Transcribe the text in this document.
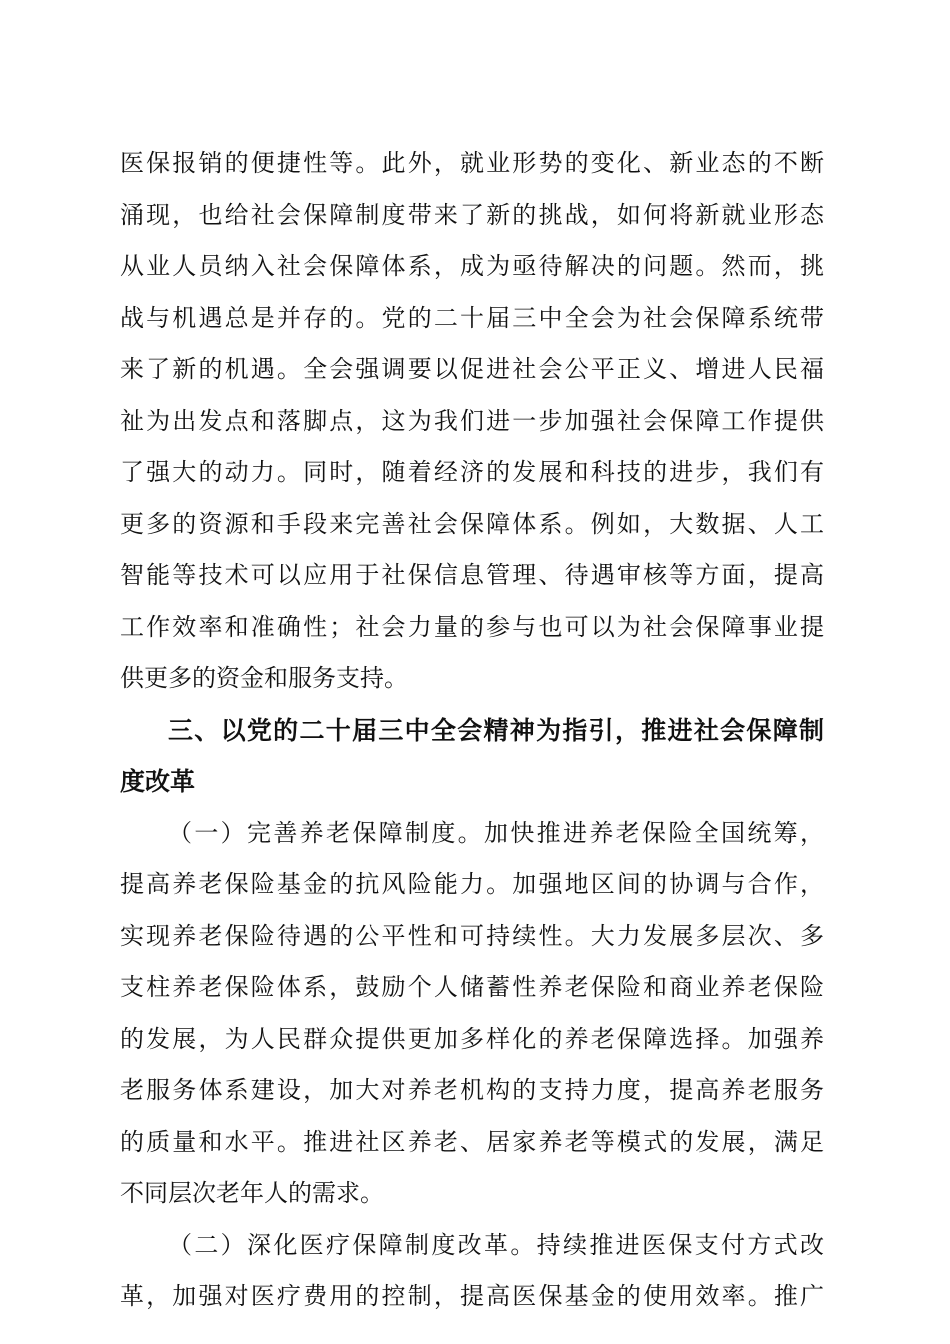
医保报销的便捷性等。此外，就业形势的变化、新业态的不断
涌现，也给社会保障制度带来了新的挑战，如何将新就业形态
从业人员纳入社会保障体系，成为亟待解决的问题。然而，挑
战与机遇总是并存的。党的二十届三中全会为社会保障系统带
来了新的机遇。全会强调要以促进社会公平正义、增进人民福
祉为出发点和落脚点，这为我们进一步加强社会保障工作提供
了强大的动力。同时，随着经济的发展和科技的进步，我们有
更多的资源和手段来完善社会保障体系。例如，大数据、人工
智能等技术可以应用于社保信息管理、待遇审核等方面，提高
工作效率和准确性；社会力量的参与也可以为社会保障事业提
供更多的资金和服务支持。
三、以党的二十届三中全会精神为指引，推进社会保障制
度改革
（一）完善养老保障制度。加快推进养老保险全国统筹，
提高养老保险基金的抗风险能力。加强地区间的协调与合作，
实现养老保险待遇的公平性和可持续性。大力发展多层次、多
支柱养老保险体系，鼓励个人储蓄性养老保险和商业养老保险
的发展，为人民群众提供更加多样化的养老保障选择。加强养
老服务体系建设，加大对养老机构的支持力度，提高养老服务
的质量和水平。推进社区养老、居家养老等模式的发展，满足
不同层次老年人的需求。
（二）深化医疗保障制度改革。持续推进医保支付方式改
革，加强对医疗费用的控制，提高医保基金的使用效率。推广
